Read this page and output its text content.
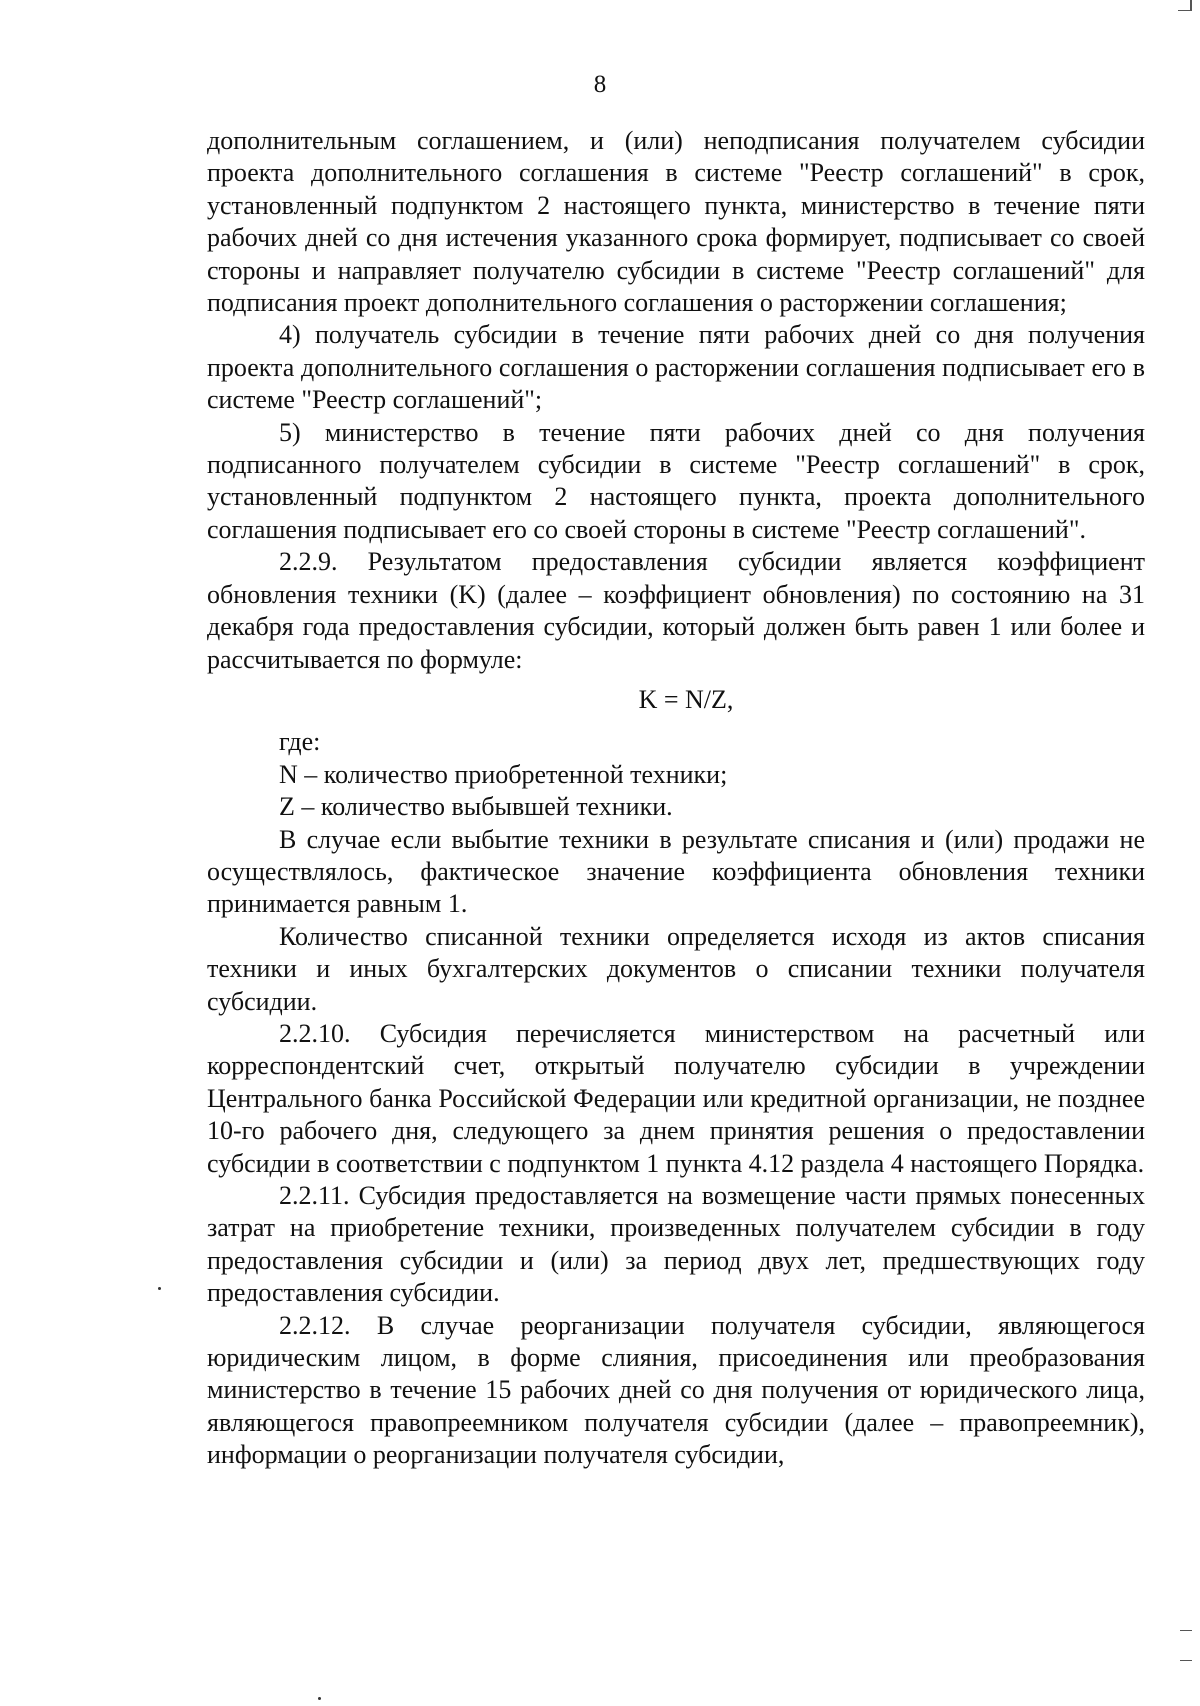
8

дополнительным соглашением, и (или) неподписания получателем субсидии проекта дополнительного соглашения в системе "Реестр соглашений" в срок, установленный подпунктом 2 настоящего пункта, министерство в течение пяти рабочих дней со дня истечения указанного срока формирует, подписывает со своей стороны и направляет получателю субсидии в системе "Реестр соглашений" для подписания проект дополнительного соглашения о расторжении соглашения;

4) получатель субсидии в течение пяти рабочих дней со дня получения проекта дополнительного соглашения о расторжении соглашения подписывает его в системе "Реестр соглашений";

5) министерство в течение пяти рабочих дней со дня получения подписанного получателем субсидии в системе "Реестр соглашений" в срок, установленный подпунктом 2 настоящего пункта, проекта дополнительного соглашения подписывает его со своей стороны в системе "Реестр соглашений".

2.2.9. Результатом предоставления субсидии является коэффициент обновления техники (K) (далее – коэффициент обновления) по состоянию на 31 декабря года предоставления субсидии, который должен быть равен 1 или более и рассчитывается по формуле:

K = N/Z,

где:

N – количество приобретенной техники;

Z – количество выбывшей техники.

В случае если выбытие техники в результате списания и (или) продажи не осуществлялось, фактическое значение коэффициента обновления техники принимается равным 1.

Количество списанной техники определяется исходя из актов списания техники и иных бухгалтерских документов о списании техники получателя субсидии.

2.2.10. Субсидия перечисляется министерством на расчетный или корреспондентский счет, открытый получателю субсидии в учреждении Центрального банка Российской Федерации или кредитной организации, не позднее 10-го рабочего дня, следующего за днем принятия решения о предоставлении субсидии в соответствии с подпунктом 1 пункта 4.12 раздела 4 настоящего Порядка.

2.2.11. Субсидия предоставляется на возмещение части прямых понесенных затрат на приобретение техники, произведенных получателем субсидии в году предоставления субсидии и (или) за период двух лет, предшествующих году предоставления субсидии.

2.2.12. В случае реорганизации получателя субсидии, являющегося юридическим лицом, в форме слияния, присоединения или преобразования министерство в течение 15 рабочих дней со дня получения от юридического лица, являющегося правопреемником получателя субсидии (далее – правопреемник), информации о реорганизации получателя субсидии,
